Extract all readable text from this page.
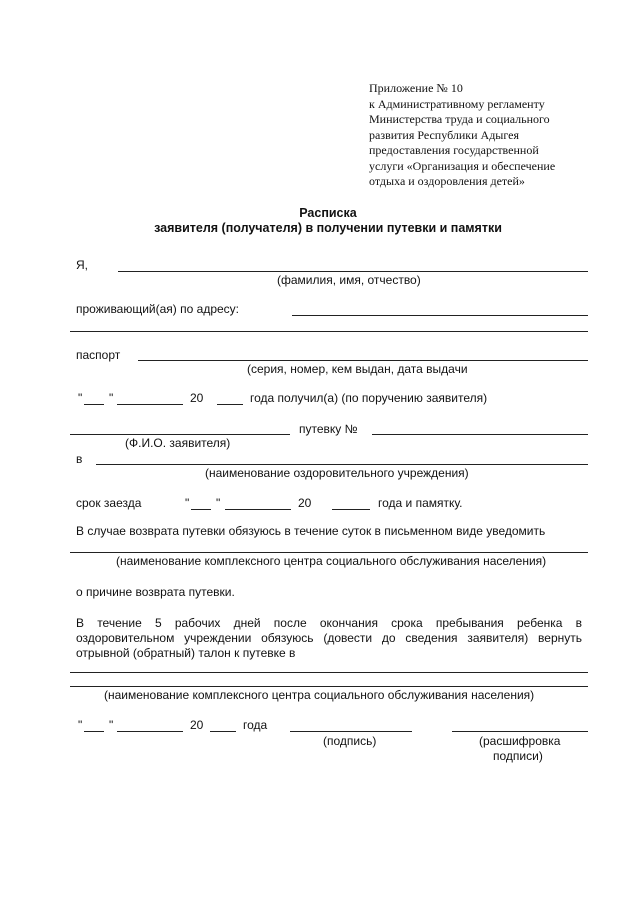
Приложение № 10
к Административному регламенту
Министерства труда и социального
развития Республики Адыгея
предоставления государственной
услуги «Организация и обеспечение
отдыха и оздоровления детей»
Расписка
заявителя (получателя) в получении путевки и памятки
Я,
(фамилия, имя, отчество)
проживающий(ая) по адресу:
паспорт
(серия, номер, кем выдан, дата выдачи
" "	20	года получил(а) (по поручению заявителя)
путевку №
(Ф.И.О. заявителя)
в
(наименование оздоровительного учреждения)
срок заезда	" "	20	года и памятку.
В случае возврата путевки обязуюсь в течение суток в письменном виде уведомить
(наименование комплексного центра социального обслуживания населения)
о причине возврата путевки.
В течение 5 рабочих дней после окончания срока пребывания ребенка в
оздоровительном учреждении обязуюсь (довести до сведения заявителя) вернуть
отрывной (обратный) талон к путевке в
(наименование комплексного центра социального обслуживания населения)
" "	20	года
(подпись)	(расшифровка
подписи)
